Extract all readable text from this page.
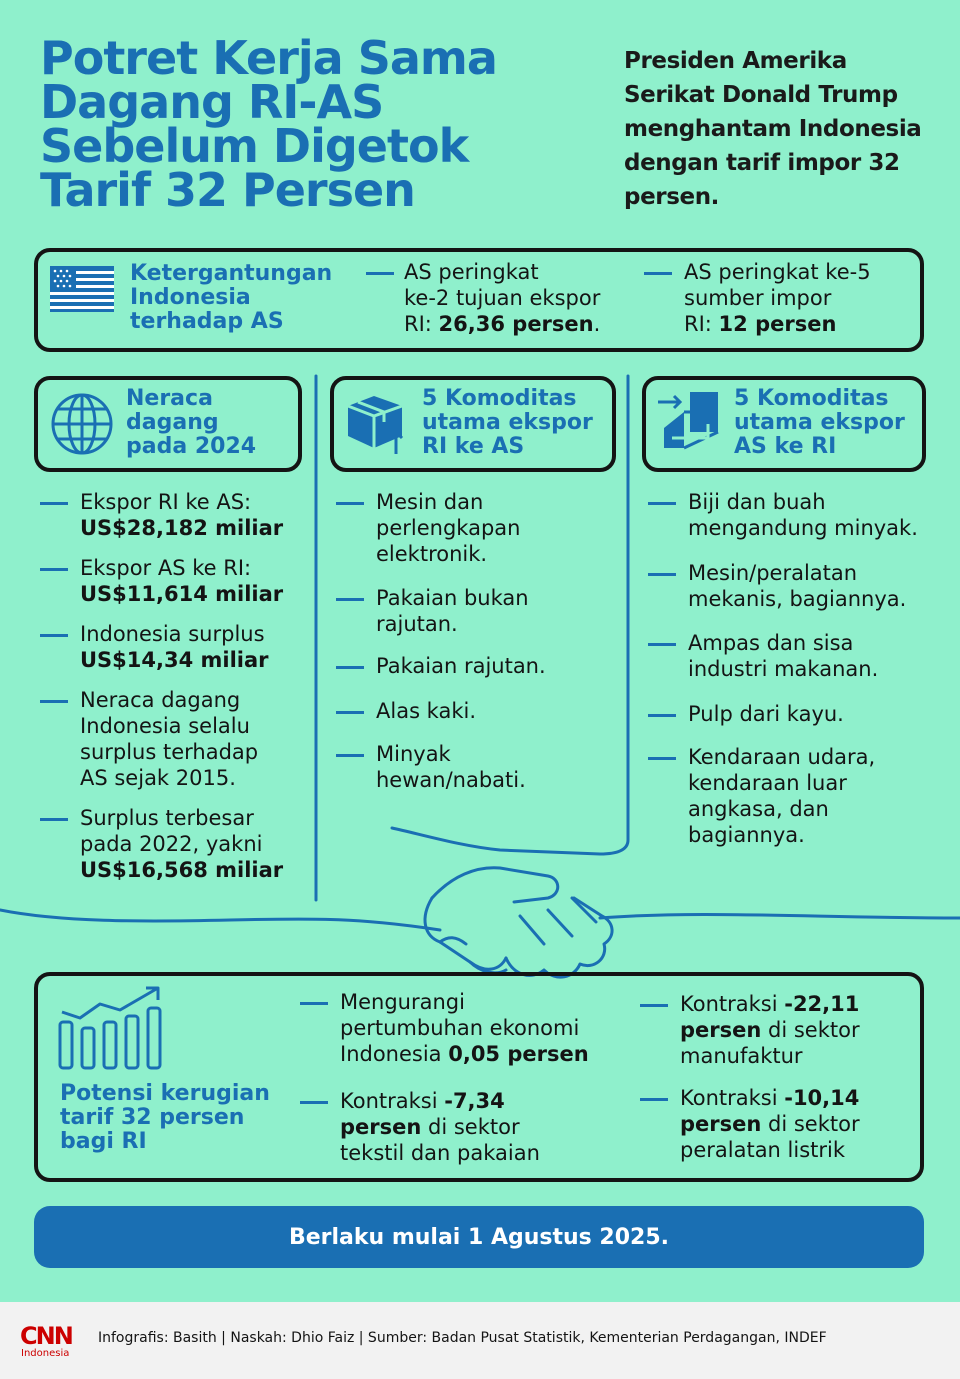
Potret Kerja Sama
Dagang RI-AS
Sebelum Digetok
Tarif 32 Persen

Presiden Amerika Serikat Donald Trump menghantam Indonesia dengan tarif impor 32 persen.

Ketergantungan
Indonesia
terhadap AS
AS peringkat
ke-2 tujuan ekspor
RI: 26,36 persen.
AS peringkat ke-5
sumber impor
RI: 12 persen
Neraca
dagang
pada 2024
Ekspor RI ke AS:
US$28,182 miliar
Ekspor AS ke RI:
US$11,614 miliar
Indonesia surplus
US$14,34 miliar
Neraca dagang
Indonesia selalu
surplus terhadap
AS sejak 2015.
Surplus terbesar
pada 2022, yakni
US$16,568 miliar
5 Komoditas
utama ekspor
RI ke AS
Mesin dan
perlengkapan
elektronik.
Pakaian bukan
rajutan.
Pakaian rajutan.
Alas kaki.
Minyak
hewan/nabati.
5 Komoditas
utama ekspor
AS ke RI
Biji dan buah
mengandung minyak.
Mesin/peralatan
mekanis, bagiannya.
Ampas dan sisa
industri makanan.
Pulp dari kayu.
Kendaraan udara,
kendaraan luar
angkasa, dan
bagiannya.
Potensi kerugian
tarif 32 persen
bagi RI
Mengurangi
pertumbuhan ekonomi
Indonesia 0,05 persen
Kontraksi -7,34
persen di sektor
tekstil dan pakaian
Kontraksi -22,11
persen di sektor
manufaktur
Kontraksi -10,14
persen di sektor
peralatan listrik
Berlaku mulai 1 Agustus 2025.
CNN
Indonesia
Infografis: Basith | Naskah: Dhio Faiz | Sumber: Badan Pusat Statistik, Kementerian Perdagangan, INDEF
